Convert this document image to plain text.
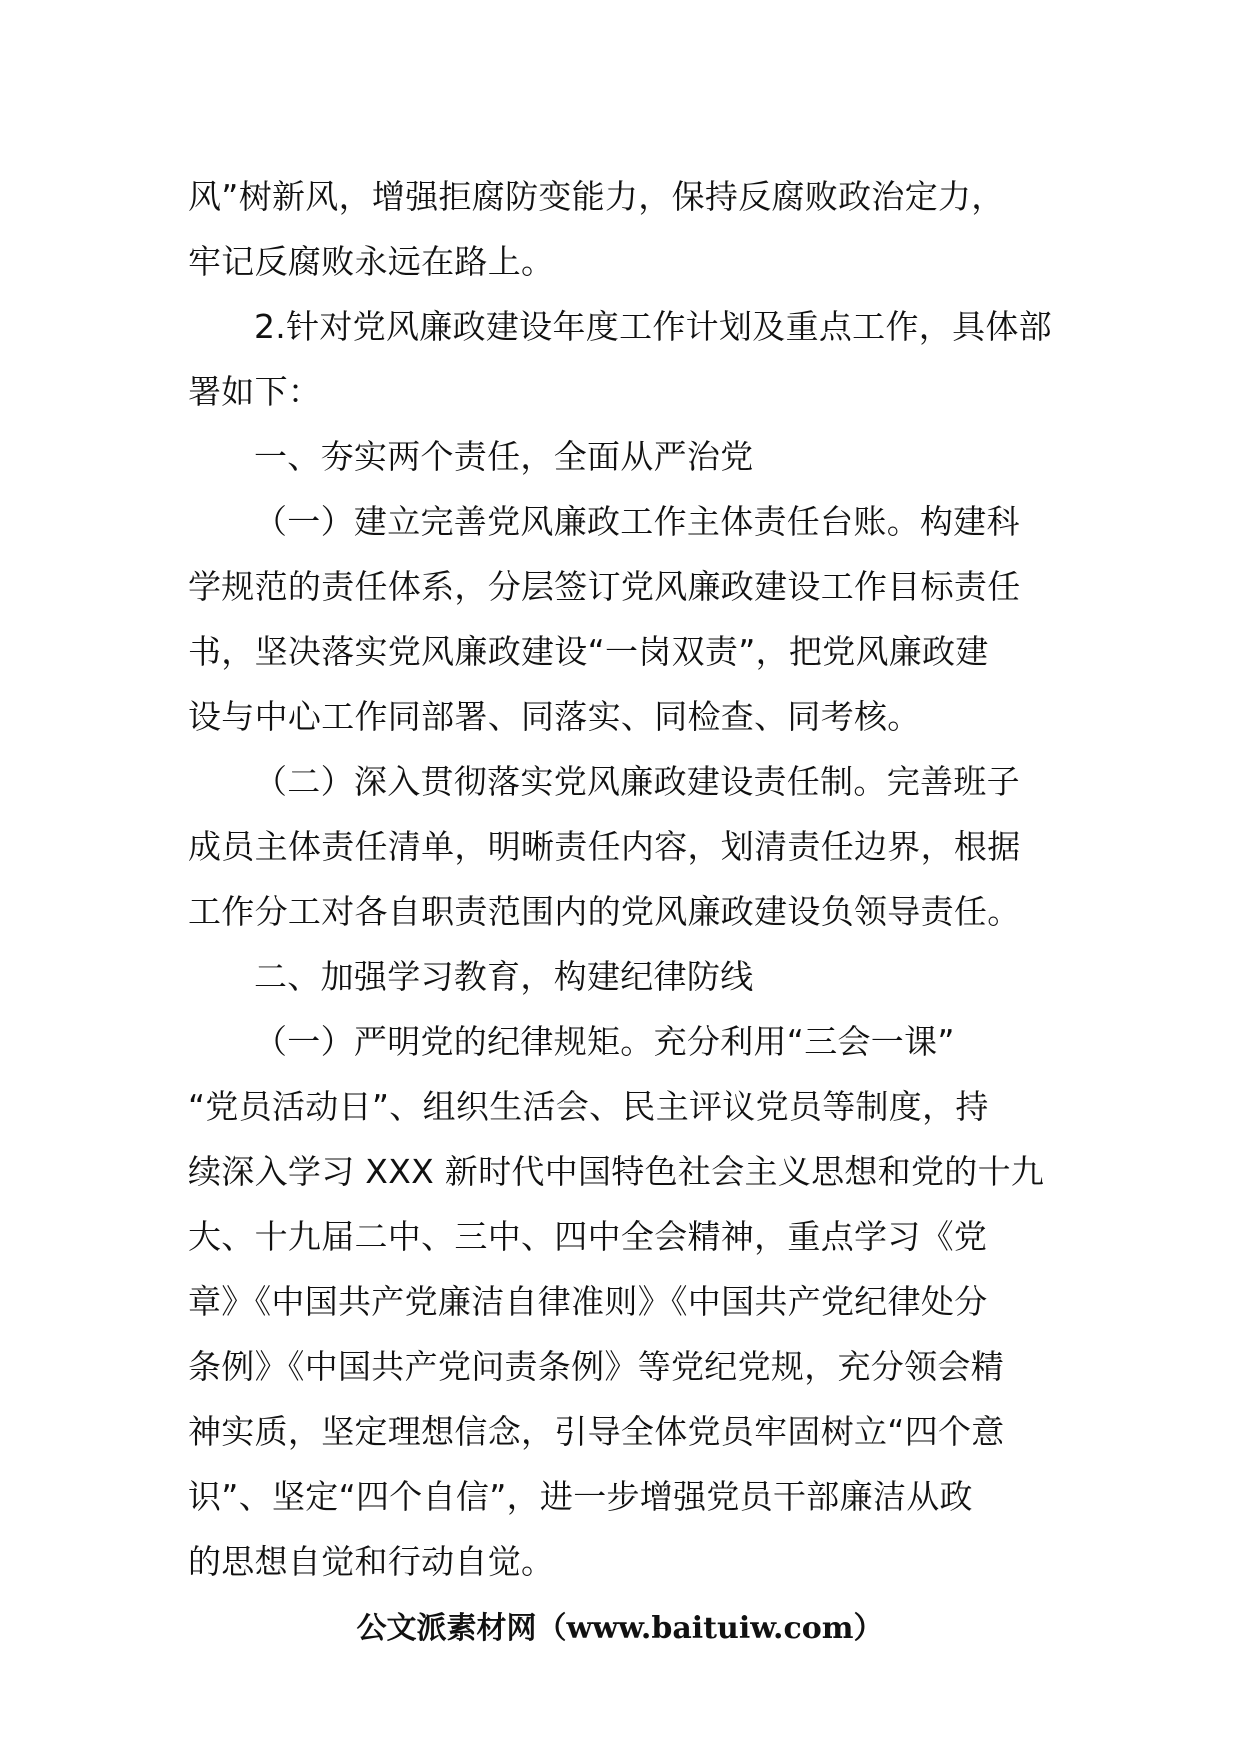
风”树新风，增强拒腐防变能力，保持反腐败政治定力，
牢记反腐败永远在路上。
2.针对党风廉政建设年度工作计划及重点工作，具体部
署如下：
一、夯实两个责任，全面从严治党
（一）建立完善党风廉政工作主体责任台账。构建科
学规范的责任体系，分层签订党风廉政建设工作目标责任
书，坚决落实党风廉政建设“一岗双责”，把党风廉政建
设与中心工作同部署、同落实、同检查、同考核。
（二）深入贯彻落实党风廉政建设责任制。完善班子
成员主体责任清单，明晰责任内容，划清责任边界，根据
工作分工对各自职责范围内的党风廉政建设负领导责任。
二、加强学习教育，构建纪律防线
（一）严明党的纪律规矩。充分利用“三会一课”
“党员活动日”、组织生活会、民主评议党员等制度，持
续深入学习 XXX 新时代中国特色社会主义思想和党的十九
大、十九届二中、三中、四中全会精神，重点学习《党
章》《中国共产党廉洁自律准则》《中国共产党纪律处分
条例》《中国共产党问责条例》等党纪党规，充分领会精
神实质，坚定理想信念，引导全体党员牢固树立“四个意
识”、坚定“四个自信”，进一步增强党员干部廉洁从政
的思想自觉和行动自觉。

公文派素材网（www.baituiw.com）
